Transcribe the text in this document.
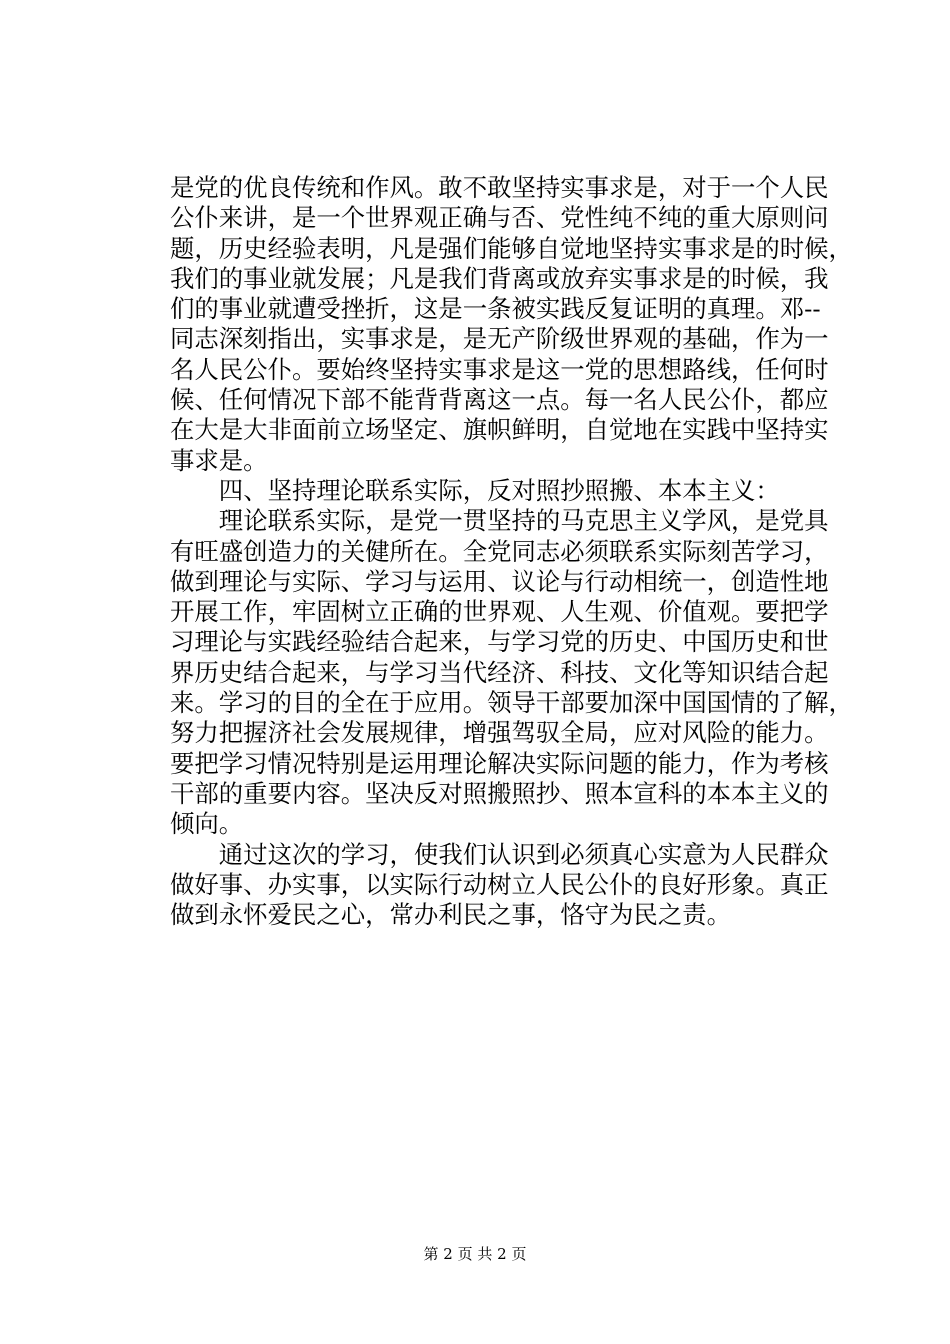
是党的优良传统和作风。敢不敢坚持实事求是，对于一个人民
公仆来讲，是一个世界观正确与否、党性纯不纯的重大原则问
题，历史经验表明，凡是强们能够自觉地坚持实事求是的时候，
我们的事业就发展；凡是我们背离或放弃实事求是的时候，我
们的事业就遭受挫折，这是一条被实践反复证明的真理。邓--
同志深刻指出，实事求是，是无产阶级世界观的基础，作为一
名人民公仆。要始终坚持实事求是这一党的思想路线，任何时
候、任何情况下部不能背背离这一点。每一名人民公仆，都应
在大是大非面前立场坚定、旗帜鲜明，自觉地在实践中坚持实
事求是。
四、坚持理论联系实际，反对照抄照搬、本本主义：
理论联系实际，是党一贯坚持的马克思主义学风，是党具
有旺盛创造力的关健所在。全党同志必须联系实际刻苦学习，
做到理论与实际、学习与运用、议论与行动相统一，创造性地
开展工作，牢固树立正确的世界观、人生观、价值观。要把学
习理论与实践经验结合起来，与学习党的历史、中国历史和世
界历史结合起来，与学习当代经济、科技、文化等知识结合起
来。学习的目的全在于应用。领导干部要加深中国国情的了解，
努力把握济社会发展规律，增强驾驭全局，应对风险的能力。
要把学习情况特别是运用理论解决实际问题的能力，作为考核
干部的重要内容。坚决反对照搬照抄、照本宣科的本本主义的
倾向。
通过这次的学习，使我们认识到必须真心实意为人民群众
做好事、办实事，以实际行动树立人民公仆的良好形象。真正
做到永怀爱民之心，常办利民之事，恪守为民之责。
第 2 页 共 2 页
